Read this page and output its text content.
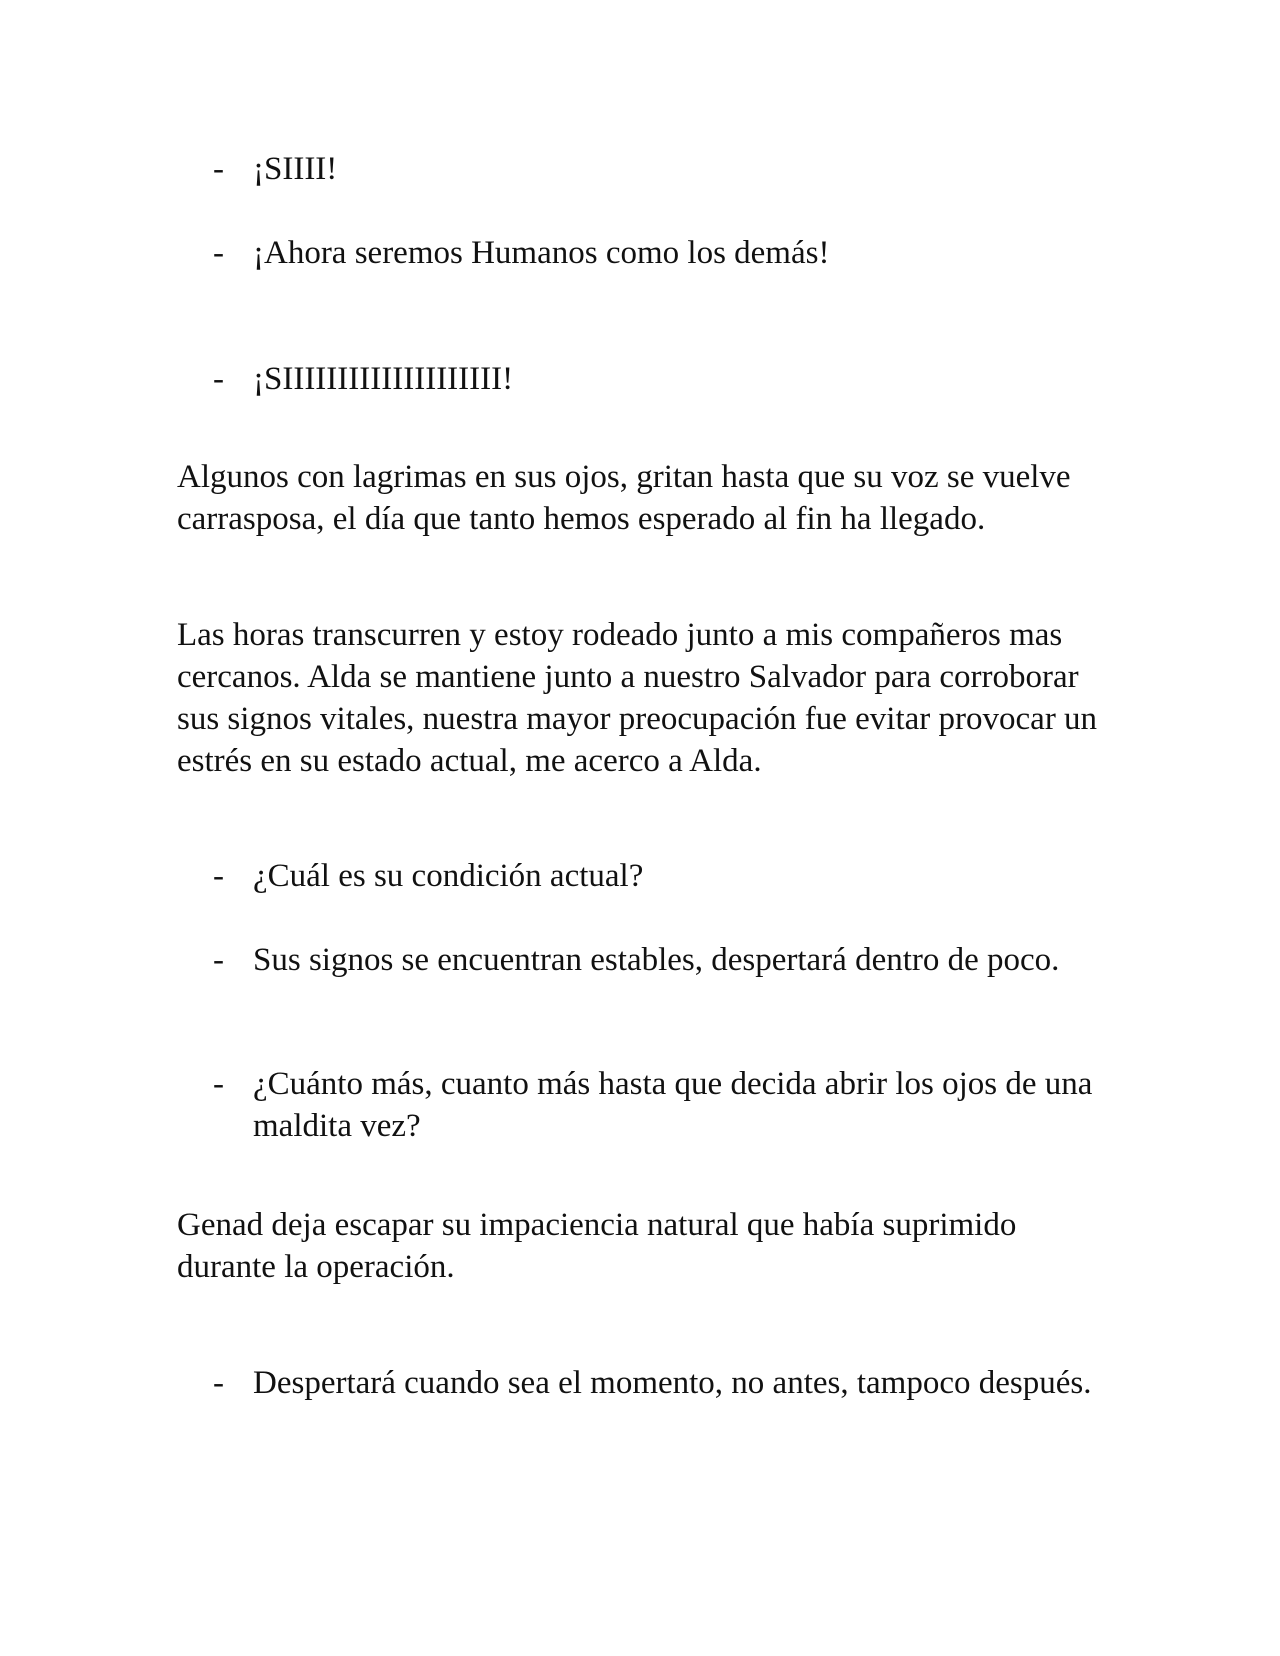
- ¡SIIII!
- ¡Ahora seremos Humanos como los demás!
- ¡SIIIIIIIIIIIIIIIIIIII!

Algunos con lagrimas en sus ojos, gritan hasta que su voz se vuelve carrasposa, el día que tanto hemos esperado al fin ha llegado.

Las horas transcurren y estoy rodeado junto a mis compañeros mas cercanos. Alda se mantiene junto a nuestro Salvador para corroborar sus signos vitales, nuestra mayor preocupación fue evitar provocar un estrés en su estado actual, me acerco a Alda.

- ¿Cuál es su condición actual?
- Sus signos se encuentran estables, despertará dentro de poco.
- ¿Cuánto más, cuanto más hasta que decida abrir los ojos de una maldita vez?

Genad deja escapar su impaciencia natural que había suprimido durante la operación.

- Despertará cuando sea el momento, no antes, tampoco después.
